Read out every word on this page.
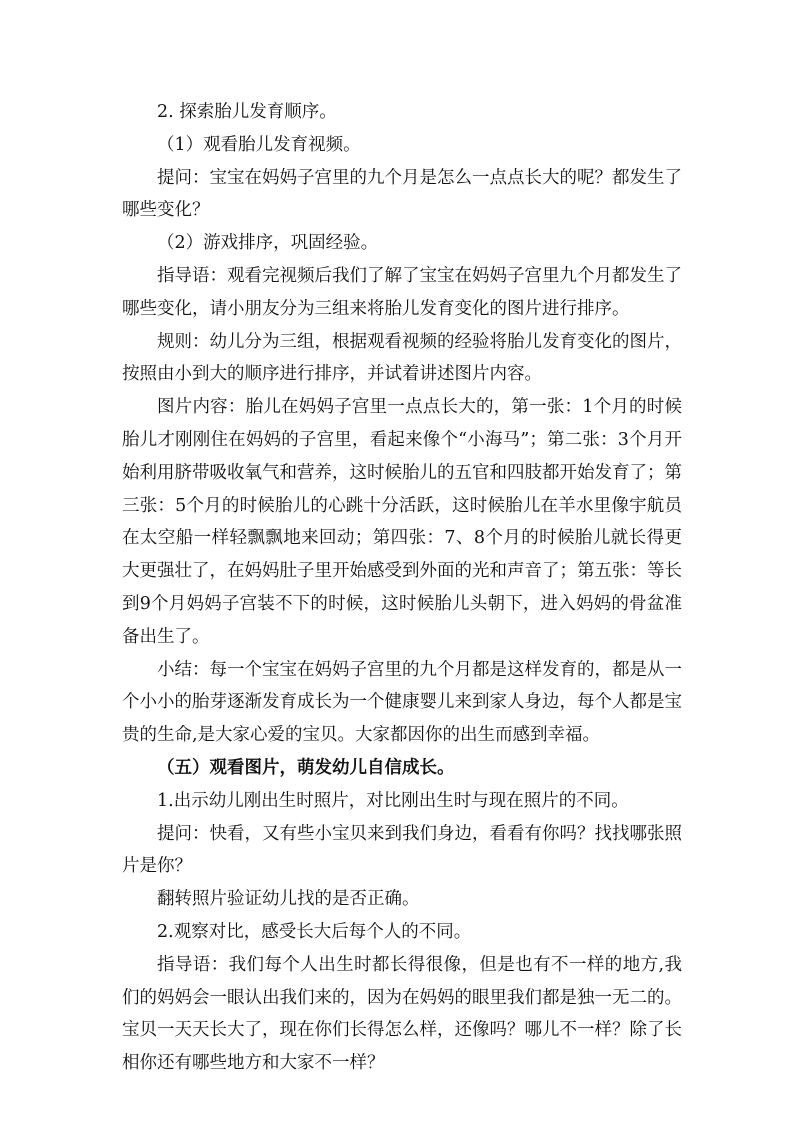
2. 探索胎儿发育顺序。

（1）观看胎儿发育视频。

提问：宝宝在妈妈子宫里的九个月是怎么一点点长大的呢？都发生了哪些变化？

（2）游戏排序，巩固经验。

指导语：观看完视频后我们了解了宝宝在妈妈子宫里九个月都发生了哪些变化，请小朋友分为三组来将胎儿发育变化的图片进行排序。

规则：幼儿分为三组，根据观看视频的经验将胎儿发育变化的图片，按照由小到大的顺序进行排序，并试着讲述图片内容。

图片内容：胎儿在妈妈子宫里一点点长大的，第一张：1个月的时候胎儿才刚刚住在妈妈的子宫里，看起来像个“小海马”；第二张：3个月开始利用脐带吸收氧气和营养，这时候胎儿的五官和四肢都开始发育了；第三张：5个月的时候胎儿的心跳十分活跃，这时候胎儿在羊水里像宇航员在太空船一样轻飘飘地来回动；第四张：7、8个月的时候胎儿就长得更大更强壮了，在妈妈肚子里开始感受到外面的光和声音了；第五张：等长到9个月妈妈子宫装不下的时候，这时候胎儿头朝下，进入妈妈的骨盆准备出生了。

小结：每一个宝宝在妈妈子宫里的九个月都是这样发育的，都是从一个小小的胎芽逐渐发育成长为一个健康婴儿来到家人身边，每个人都是宝贵的生命,是大家心爱的宝贝。大家都因你的出生而感到幸福。

（五）观看图片，萌发幼儿自信成长。

1.出示幼儿刚出生时照片，对比刚出生时与现在照片的不同。

提问：快看，又有些小宝贝来到我们身边，看看有你吗？找找哪张照片是你？

翻转照片验证幼儿找的是否正确。

2.观察对比，感受长大后每个人的不同。

指导语：我们每个人出生时都长得很像，但是也有不一样的地方,我们的妈妈会一眼认出我们来的，因为在妈妈的眼里我们都是独一无二的。宝贝一天天长大了，现在你们长得怎么样，还像吗？哪儿不一样？除了长相你还有哪些地方和大家不一样？
